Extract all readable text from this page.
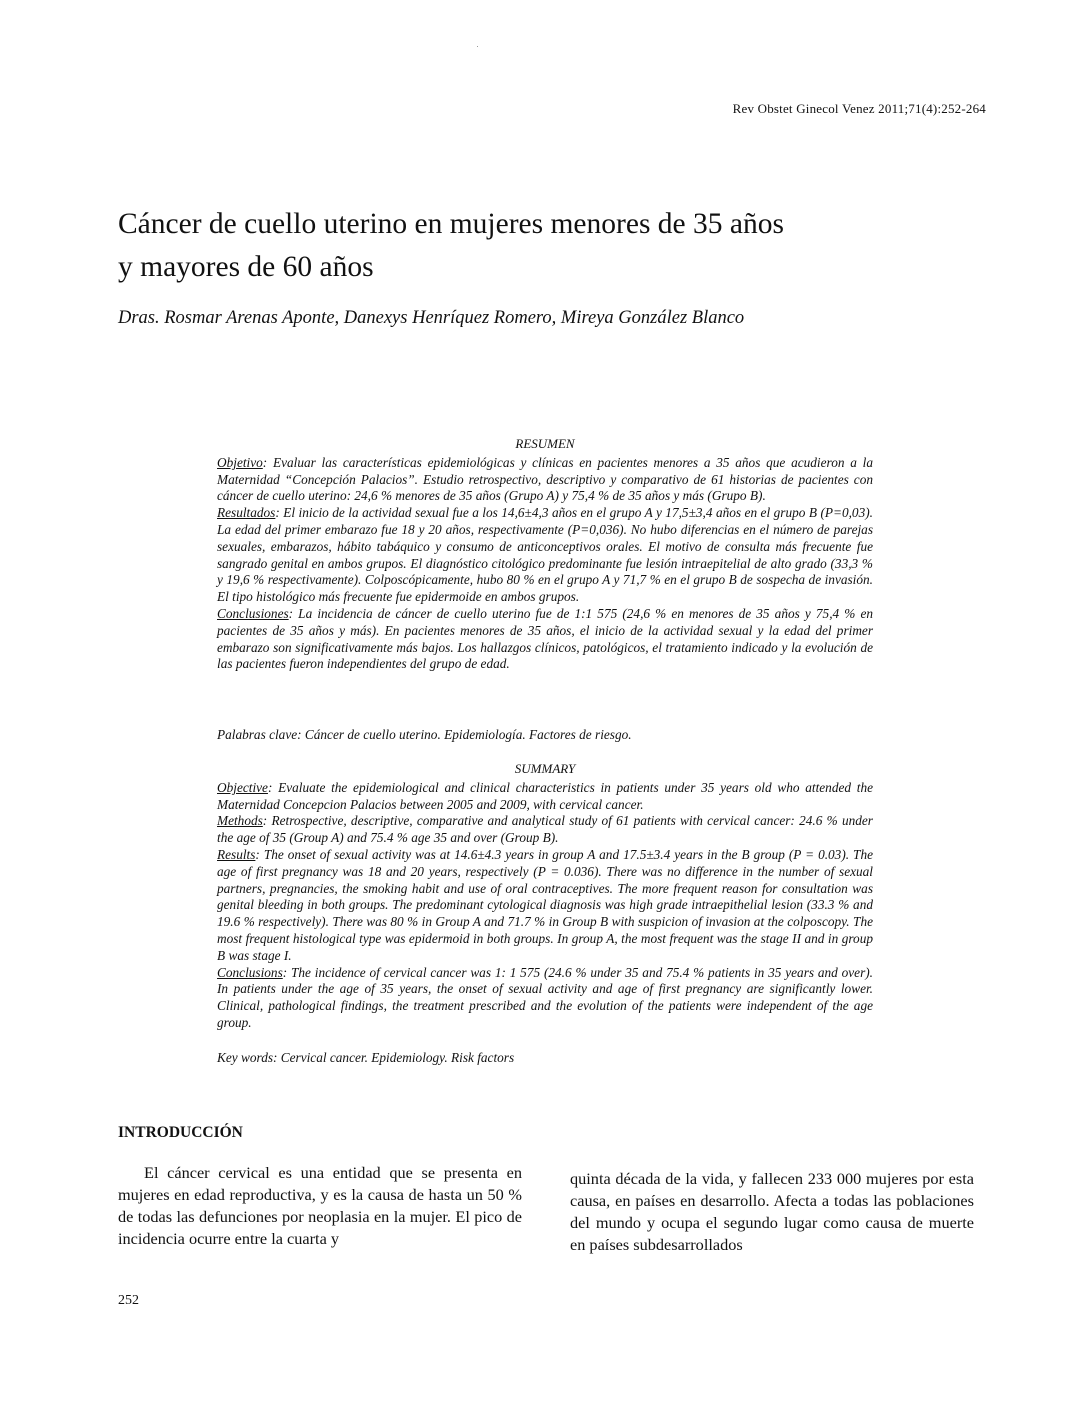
Rev Obstet Ginecol Venez 2011;71(4):252-264
Cáncer de cuello uterino en mujeres menores de 35 años
y mayores de 60 años
Dras. Rosmar Arenas Aponte, Danexys Henríquez Romero, Mireya González Blanco
RESUMEN

Objetivo: Evaluar las características epidemiológicas y clínicas en pacientes menores a 35 años que acudieron a la Maternidad “Concepción Palacios”. Estudio retrospectivo, descriptivo y comparativo de 61 historias de pacientes con cáncer de cuello uterino: 24,6 % menores de 35 años (Grupo A) y 75,4 % de 35 años y más (Grupo B).

Resultados: El inicio de la actividad sexual fue a los 14,6±4,3 años en el grupo A y 17,5±3,4 años en el grupo B (P=0,03). La edad del primer embarazo fue 18 y 20 años, respectivamente (P=0,036). No hubo diferencias en el número de parejas sexuales, embarazos, hábito tabáquico y consumo de anticonceptivos orales. El motivo de consulta más frecuente fue sangrado genital en ambos grupos. El diagnóstico citológico predominante fue lesión intraepitelial de alto grado (33,3 % y 19,6 % respectivamente). Colposcópicamente, hubo 80 % en el grupo A y 71,7 % en el grupo B de sospecha de invasión. El tipo histológico más frecuente fue epidermoide en ambos grupos.

Conclusiones: La incidencia de cáncer de cuello uterino fue de 1:1 575 (24,6 % en menores de 35 años y 75,4 % en pacientes de 35 años y más). En pacientes menores de 35 años, el inicio de la actividad sexual y la edad del primer embarazo son significativamente más bajos. Los hallazgos clínicos, patológicos, el tratamiento indicado y la evolución de las pacientes fueron independientes del grupo de edad.

Palabras clave: Cáncer de cuello uterino. Epidemiología. Factores de riesgo.
SUMMARY

Objective: Evaluate the epidemiological and clinical characteristics in patients under 35 years old who attended the Maternidad Concepcion Palacios between 2005 and 2009, with cervical cancer.

Methods: Retrospective, descriptive, comparative and analytical study of 61 patients with cervical cancer: 24.6 % under the age of 35 (Group A) and 75.4 % age 35 and over (Group B).

Results: The onset of sexual activity was at 14.6±4.3 years in group A and 17.5±3.4 years in the B group (P = 0.03). The age of first pregnancy was 18 and 20 years, respectively (P = 0.036). There was no difference in the number of sexual partners, pregnancies, the smoking habit and use of oral contraceptives. The more frequent reason for consultation was genital bleeding in both groups. The predominant cytological diagnosis was high grade intraepithelial lesion (33.3 % and 19.6 % respectively). There was 80 % in Group A and 71.7 % in Group B with suspicion of invasion at the colposcopy. The most frequent histological type was epidermoid in both groups. In group A, the most frequent was the stage II and in group B was stage I.

Conclusions: The incidence of cervical cancer was 1: 1 575 (24.6 % under 35 and 75.4 % patients in 35 years and over). In patients under the age of 35 years, the onset of sexual activity and age of first pregnancy are significantly lower. Clinical, pathological findings, the treatment prescribed and the evolution of the patients were independent of the age group.

Key words: Cervical cancer. Epidemiology. Risk factors
INTRODUCCIÓN
El cáncer cervical es una entidad que se presenta en mujeres en edad reproductiva, y es la causa de hasta un 50 % de todas las defunciones por neoplasia en la mujer. El pico de incidencia ocurre entre la cuarta y
quinta década de la vida, y fallecen 233 000 mujeres por esta causa, en países en desarrollo. Afecta a todas las poblaciones del mundo y ocupa el segundo lugar como causa de muerte en países subdesarrollados
252
